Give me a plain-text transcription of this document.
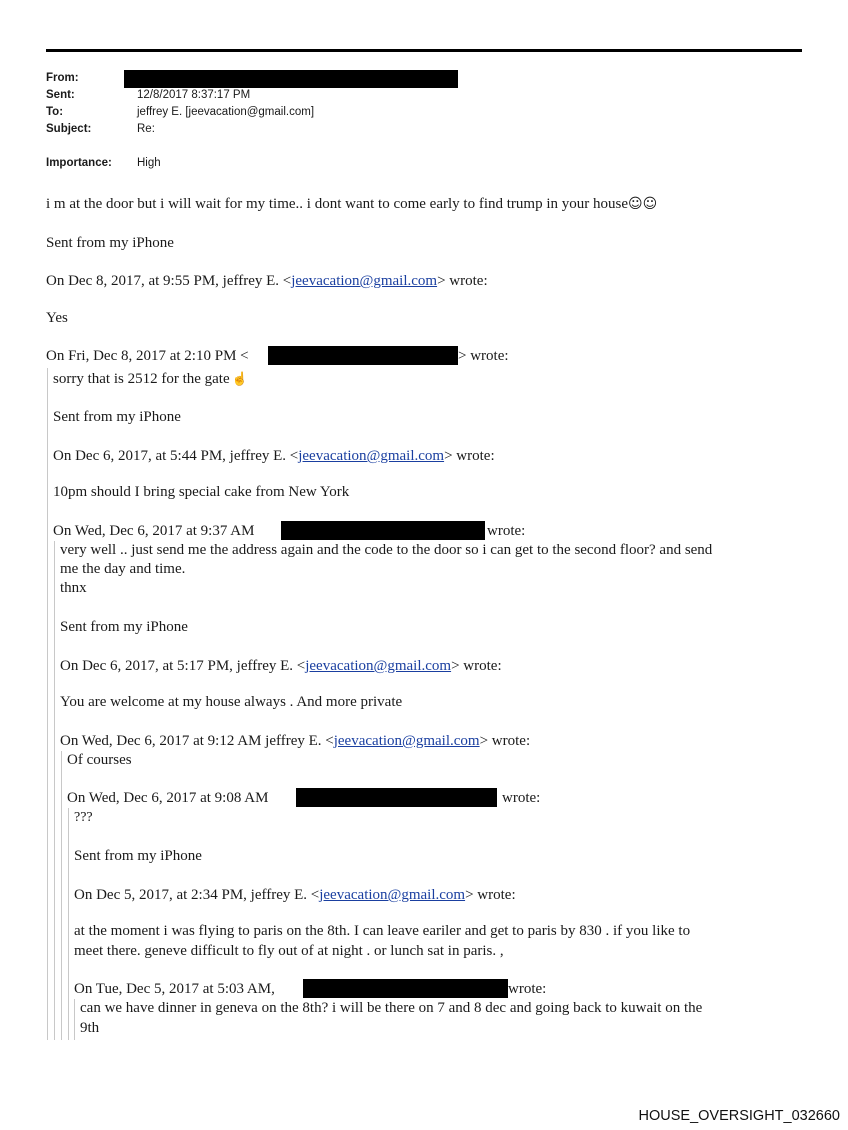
From:
Sent:	12/8/2017 8:37:17 PM
To:	jeffrey E. [jeevacation@gmail.com]
Subject:	Re:
Importance: High
i m at the door but i will wait for my time.. i dont want to come early to find trump in your house☺☺
Sent from my iPhone
On Dec 8, 2017, at 9:55 PM, jeffrey E. <jeevacation@gmail.com> wrote:
Yes
On Fri, Dec 8, 2017 at 2:10 PM <	> wrote:
sorry that is 2512 for the gate ☝
Sent from my iPhone
On Dec 6, 2017, at 5:44 PM, jeffrey E. <jeevacation@gmail.com> wrote:
10pm should I bring special cake from New York
On Wed, Dec 6, 2017 at 9:37 AM	wrote:
very well .. just send me the address again and the code to the door so i can get to the second floor? and send
me the day and time.
thnx
Sent from my iPhone
On Dec 6, 2017, at 5:17 PM, jeffrey E. <jeevacation@gmail.com> wrote:
You are welcome at my house always . And more private
On Wed, Dec 6, 2017 at 9:12 AM jeffrey E. <jeevacation@gmail.com> wrote:
Of courses
On Wed, Dec 6, 2017 at 9:08 AM	wrote:
???
Sent from my iPhone
On Dec 5, 2017, at 2:34 PM, jeffrey E. <jeevacation@gmail.com> wrote:
at the moment i was flying to paris on the 8th. I can leave eariler and get to paris by 830 . if you like to
meet there. geneve difficult to fly out of at night . or lunch sat in paris. ,
On Tue, Dec 5, 2017 at 5:03 AM,	wrote:
can we have dinner in geneva on the 8th? i will be there on 7 and 8 dec and going back to kuwait on the
9th
HOUSE_OVERSIGHT_032660
